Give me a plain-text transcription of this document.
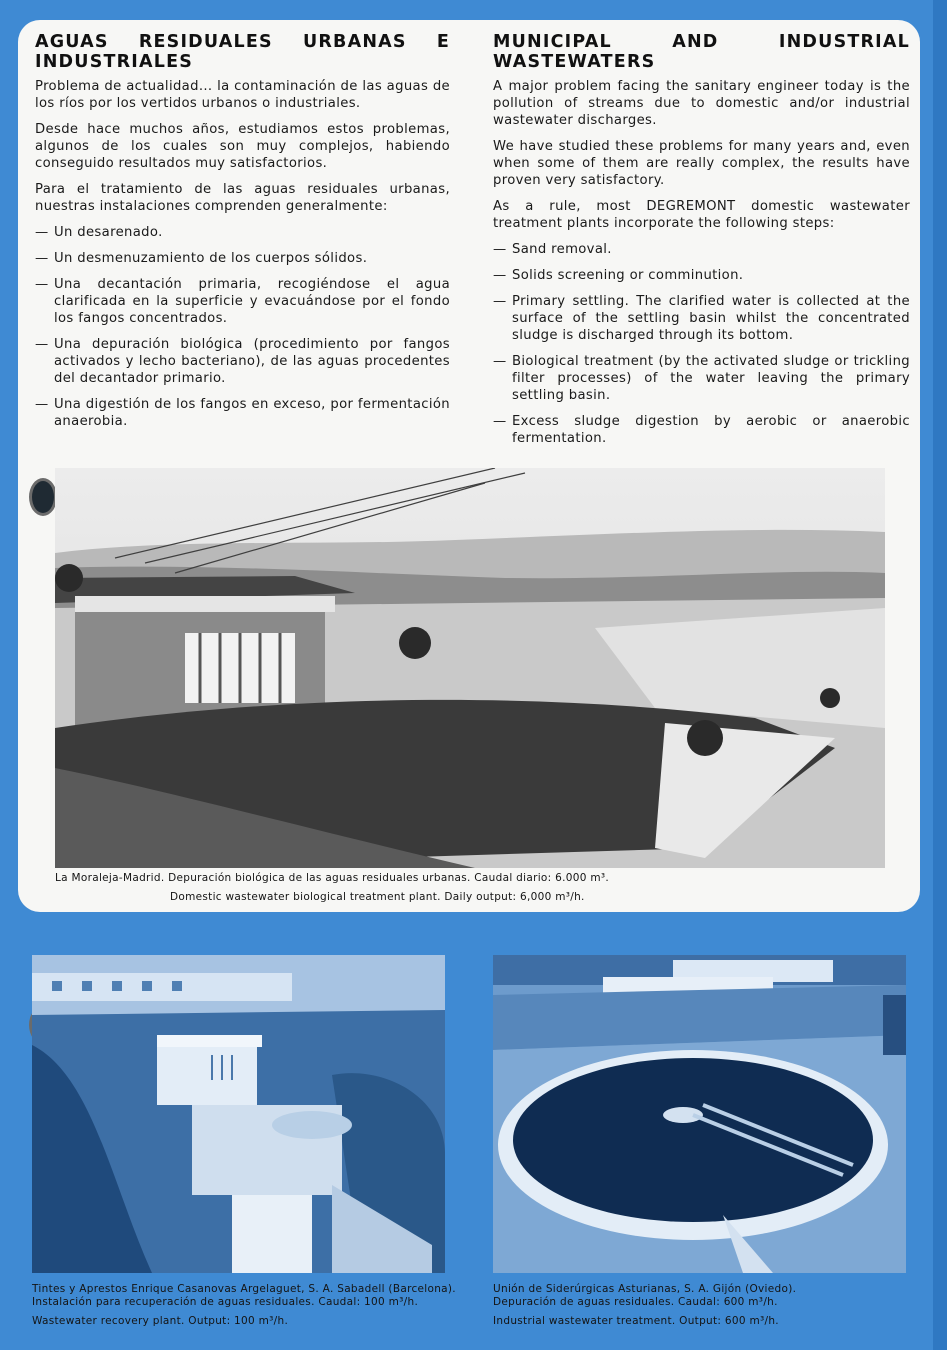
AGUAS RESIDUALES URBANAS E INDUSTRIALES

Problema de actualidad... la contaminación de las aguas de los ríos por los vertidos urbanos o industriales.

Desde hace muchos años, estudiamos estos problemas, algunos de los cuales son muy complejos, habiendo conseguido resultados muy satisfactorios.

Para el tratamiento de las aguas residuales urbanas, nuestras instalaciones comprenden generalmente:

— Un desarenado.
— Un desmenuzamiento de los cuerpos sólidos.
— Una decantación primaria, recogiéndose el agua clarificada en la superficie y evacuándose por el fondo los fangos concentrados.
— Una depuración biológica (procedimiento por fangos activados y lecho bacteriano), de las aguas procedentes del decantador primario.
— Una digestión de los fangos en exceso, por fermentación anaerobia.
MUNICIPAL AND INDUSTRIAL WASTEWATERS

A major problem facing the sanitary engineer today is the pollution of streams due to domestic and/or industrial wastewater discharges.

We have studied these problems for many years and, even when some of them are really complex, the results have proven very satisfactory.

As a rule, most DEGREMONT domestic wastewater treatment plants incorporate the following steps:

— Sand removal.
— Solids screening or comminution.
— Primary settling. The clarified water is collected at the surface of the settling basin whilst the concentrated sludge is discharged through its bottom.
— Biological treatment (by the activated sludge or trickling filter processes) of the water leaving the primary settling basin.
— Excess sludge digestion by aerobic or anaerobic fermentation.
La Moraleja-Madrid. Depuración biológica de las aguas residuales urbanas. Caudal diario: 6.000 m³.
Domestic wastewater biological treatment plant. Daily output: 6,000 m³/h.
Tintes y Aprestos Enrique Casanovas Argelaguet, S. A. Sabadell (Barcelona).
Instalación para recuperación de aguas residuales. Caudal: 100 m³/h.
Wastewater recovery plant. Output: 100 m³/h.
Unión de Siderúrgicas Asturianas, S. A. Gijón (Oviedo).
Depuración de aguas residuales. Caudal: 600 m³/h.
Industrial wastewater treatment. Output: 600 m³/h.
